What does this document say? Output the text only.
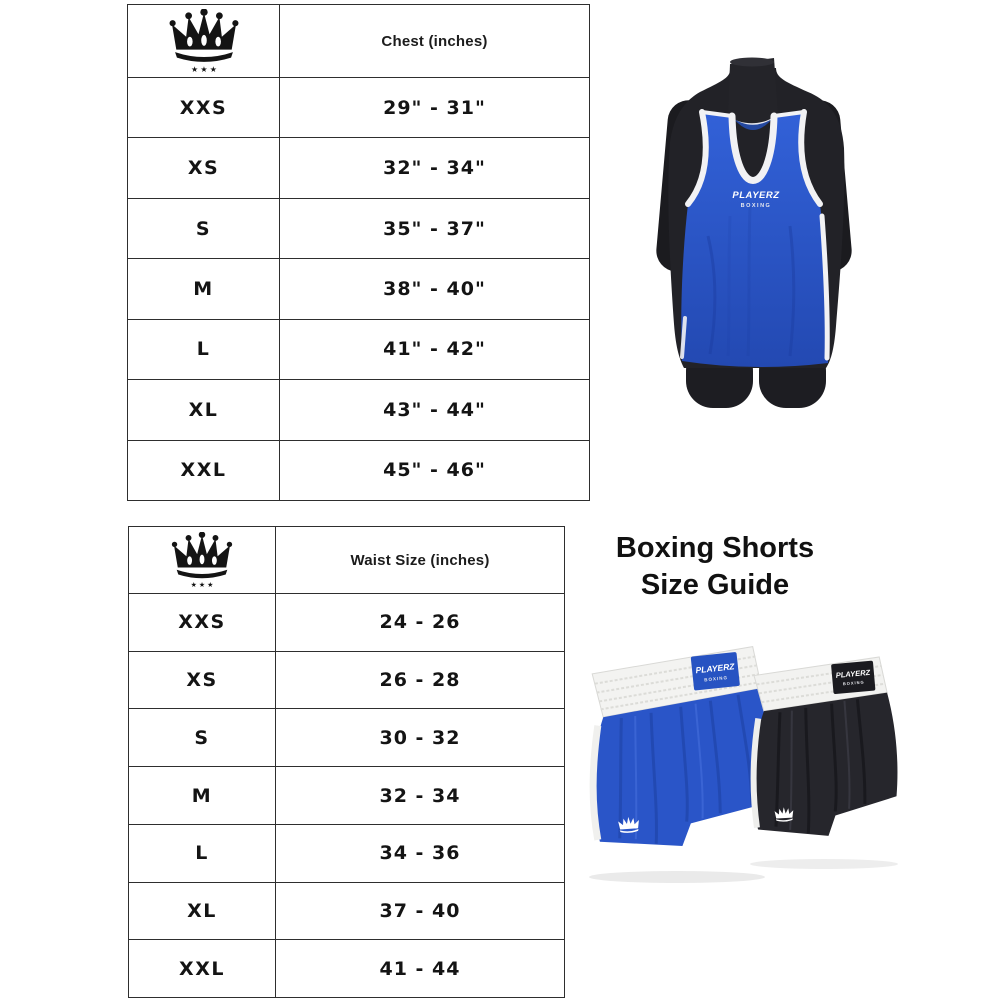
★ ★ ★
Chest (inches)
XXS	29" - 31"
XS	32" - 34"
S	35" - 37"
M	38" - 40"
L	41" - 42"
XL	43" - 44"
XXL	45" - 46"
★ ★ ★
Waist Size (inches)
XXS	24 - 26
XS	26 - 28
S	30 - 32
M	32 - 34
L	34 - 36
XL	37 - 40
XXL	41 - 44
Boxing Shorts
Size Guide
PLAYERZ
BOXING
PLAYERZ
BOXING	PLAYERZ
BOXING
